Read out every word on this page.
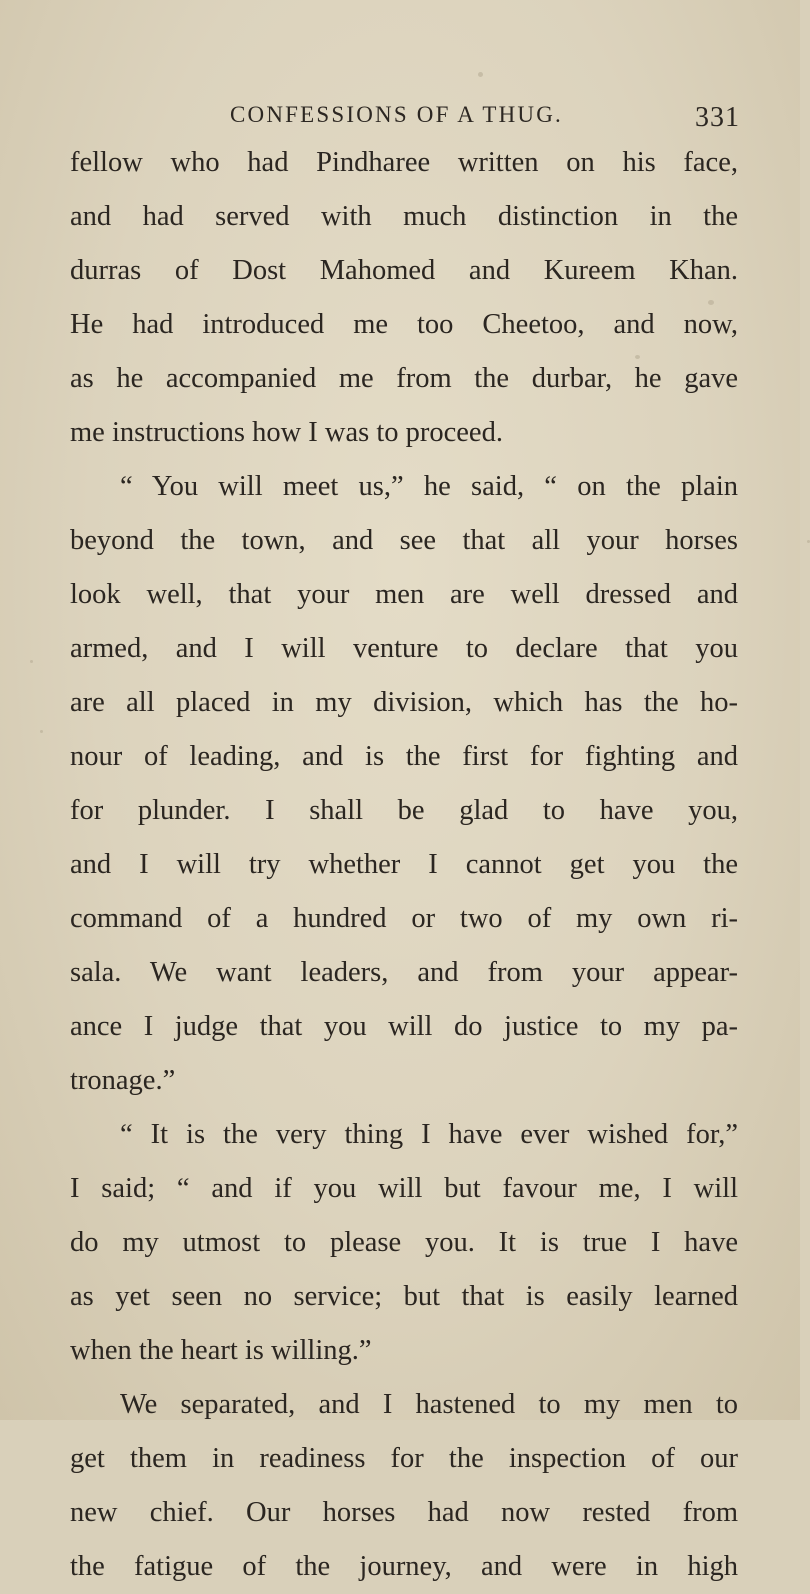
CONFESSIONS OF A THUG.	331
fellow who had Pindharee written on his face,
and had served with much distinction in the
durras of Dost Mahomed and Kureem Khan.
He had introduced me too Cheetoo, and now,
as he accompanied me from the durbar, he gave
me instructions how I was to proceed.
“ You will meet us,” he said, “ on the plain
beyond the town, and see that all your horses
look well, that your men are well dressed and
armed, and I will venture to declare that you
are all placed in my division, which has the ho-
nour of leading, and is the first for fighting and
for plunder. I shall be glad to have you,
and I will try whether I cannot get you the
command of a hundred or two of my own ri-
sala. We want leaders, and from your appear-
ance I judge that you will do justice to my pa-
tronage.”
“ It is the very thing I have ever wished for,”
I said; “ and if you will but favour me, I will
do my utmost to please you. It is true I have
as yet seen no service; but that is easily learned
when the heart is willing.”
We separated, and I hastened to my men to
get them in readiness for the inspection of our
new chief. Our horses had now rested from
the fatigue of the journey, and were in high
